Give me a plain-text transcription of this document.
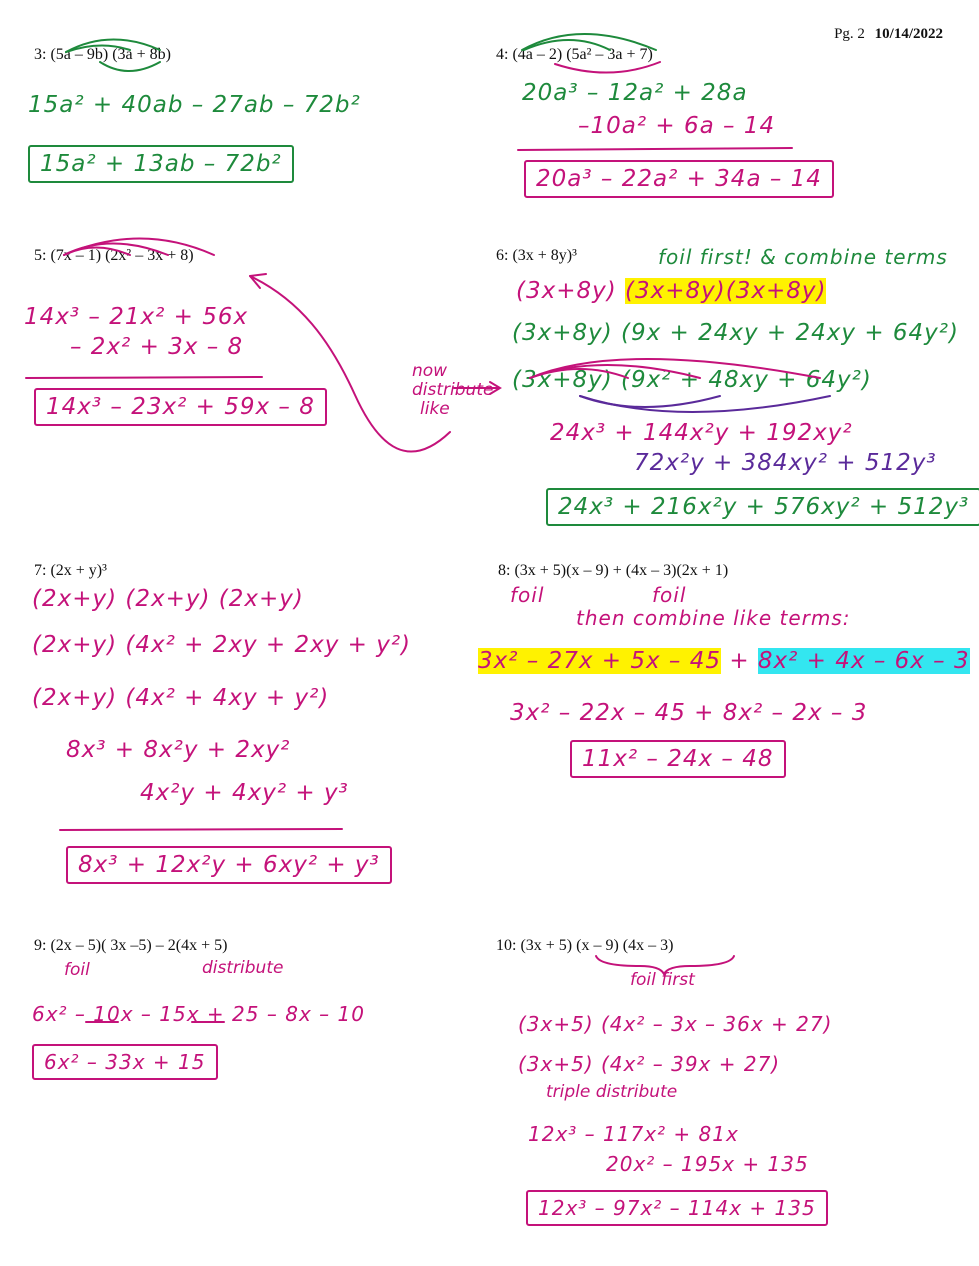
Pg. 2 10/14/2022
3: (5a – 9b) (3a + 8b)
15a² + 40ab – 27ab – 72b²
15a² + 13ab – 72b²
4: (4a – 2) (5a² – 3a + 7)
20a³ – 12a² + 28a
–10a² + 6a – 14
20a³ – 22a² + 34a – 14
5: (7x – 1) (2x² – 3x + 8)
14x³ – 21x² + 56x
– 2x² + 3x – 8
14x³ – 23x² + 59x – 8
now
distribute
like
6: (3x + 8y)³	foil first! & combine terms
(3x+8y) (3x+8y)(3x+8y)
(3x+8y) (9x + 24xy + 24xy + 64y²)
(3x+8y) (9x² + 48xy + 64y²)
24x³ + 144x²y + 192xy²
72x²y + 384xy² + 512y³
24x³ + 216x²y + 576xy² + 512y³
7: (2x + y)³
(2x+y) (2x+y) (2x+y)
(2x+y) (4x² + 2xy + 2xy + y²)
(2x+y) (4x² + 4xy + y²)
8x³ + 8x²y + 2xy²
4x²y + 4xy² + y³
8x³ + 12x²y + 6xy² + y³
8: (3x + 5)(x – 9) + (4x – 3)(2x + 1)
foil	foil
then combine like terms:
3x² – 27x + 5x – 45 + 8x² + 4x – 6x – 3
3x² – 22x – 45 + 8x² – 2x – 3
11x² – 24x – 48
9: (2x – 5)( 3x –5) – 2(4x + 5)
foil	distribute
6x² – 10x – 15x + 25 – 8x – 10
6x² – 33x + 15
10: (3x + 5) (x – 9) (4x – 3)
foil first
(3x+5) (4x² – 3x – 36x + 27)
(3x+5) (4x² – 39x + 27)
triple distribute
12x³ – 117x² + 81x
20x² – 195x + 135
12x³ – 97x² – 114x + 135
